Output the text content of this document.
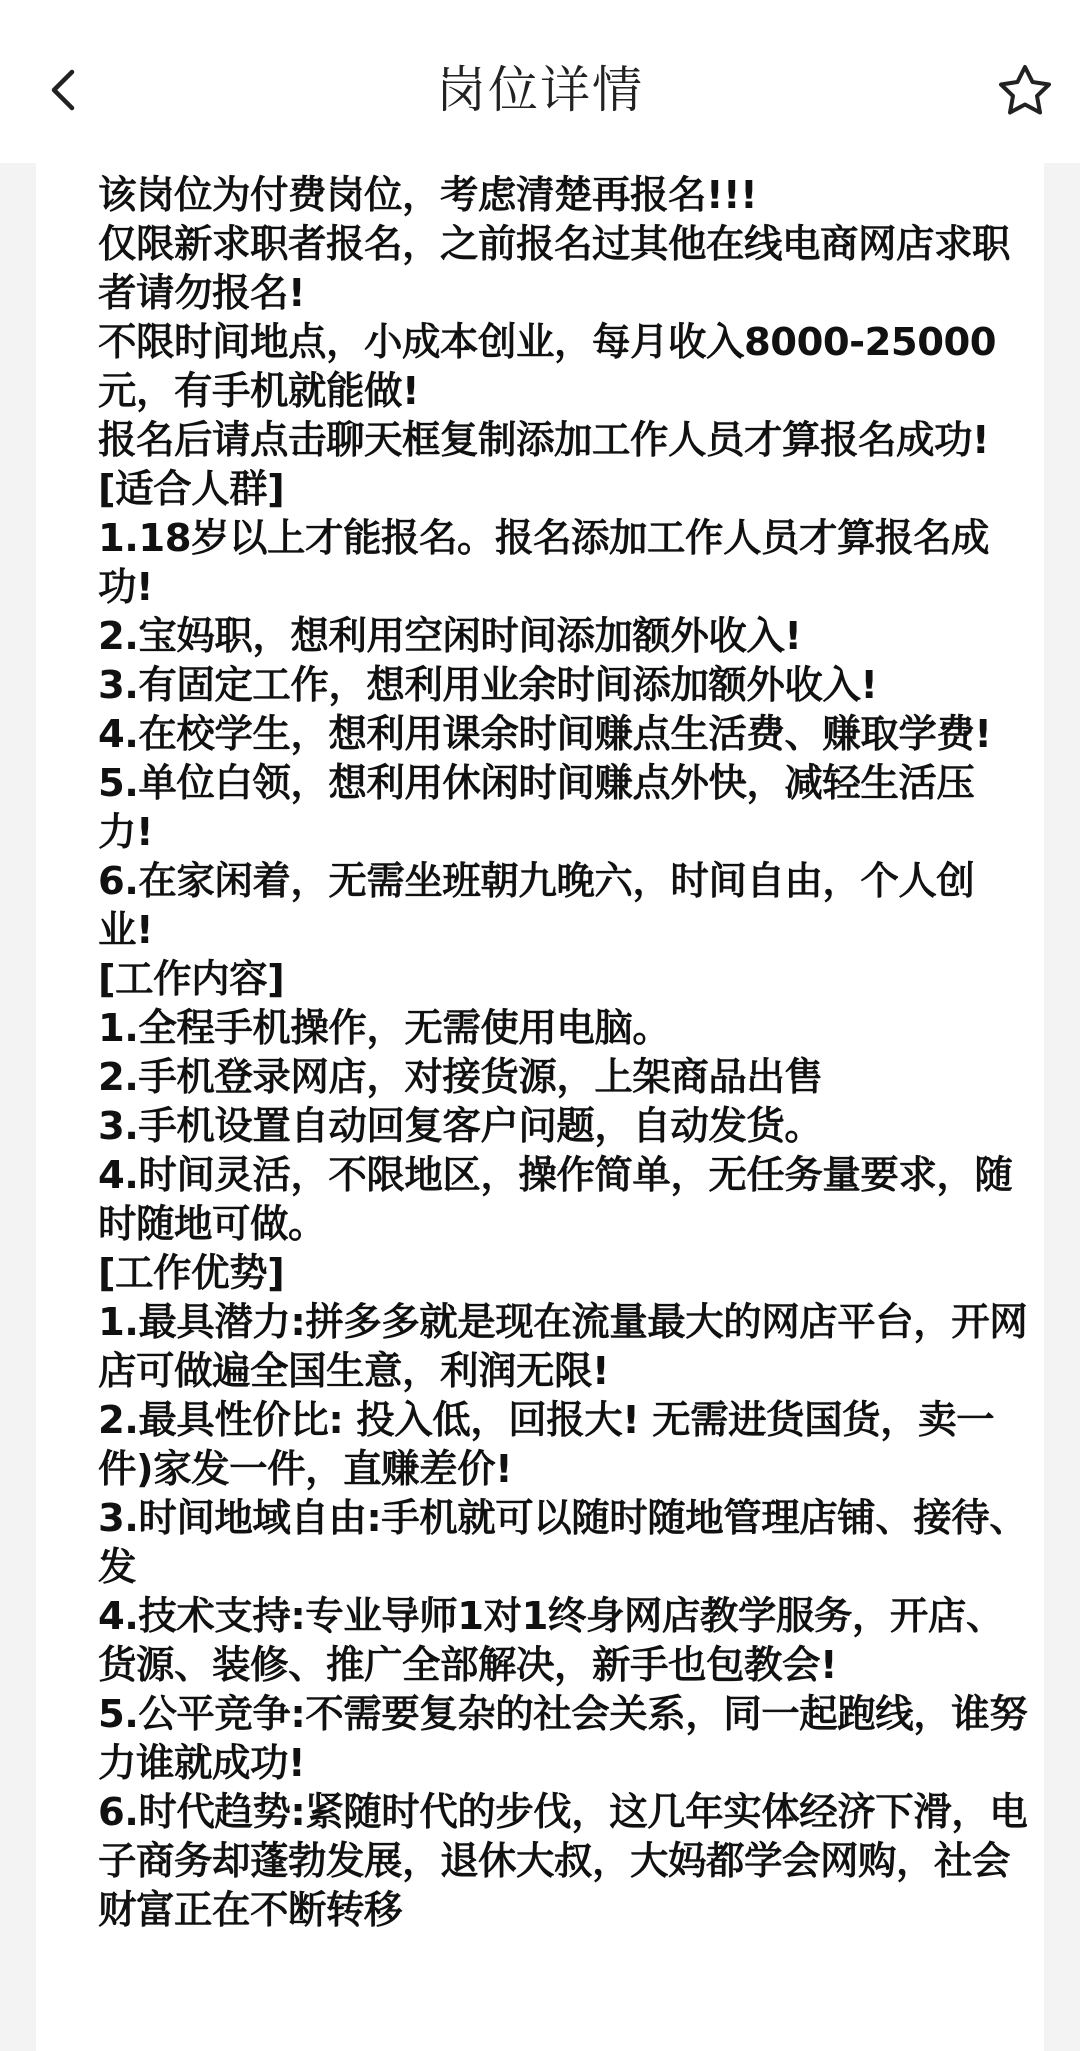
岗位详情

该岗位为付费岗位，考虑清楚再报名!!!
仅限新求职者报名，之前报名过其他在线电商网店求职者请勿报名!
不限时间地点，小成本创业，每月收入8000-25000元，有手机就能做!
报名后请点击聊天框复制添加工作人员才算报名成功!
[适合人群]
1.18岁以上才能报名。报名添加工作人员才算报名成功!
2.宝妈职，想利用空闲时间添加额外收入!
3.有固定工作，想利用业余时间添加额外收入!
4.在校学生，想利用课余时间赚点生活费、赚取学费!
5.单位白领，想利用休闲时间赚点外快，减轻生活压力!
6.在家闲着，无需坐班朝九晚六，时间自由，个人创业!
[工作内容]
1.全程手机操作，无需使用电脑。
2.手机登录网店，对接货源，上架商品出售
3.手机设置自动回复客户问题，自动发货。
4.时间灵活，不限地区，操作简单，无任务量要求，随时随地可做。
[工作优势]
1.最具潜力:拼多多就是现在流量最大的网店平台，开网店可做遍全国生意，利润无限!
2.最具性价比: 投入低，回报大! 无需进货国货，卖一件)家发一件，直赚差价!
3.时间地域自由:手机就可以随时随地管理店铺、接待、发
4.技术支持:专业导师1对1终身网店教学服务，开店、货源、装修、推广全部解决，新手也包教会!
5.公平竞争:不需要复杂的社会关系，同一起跑线，谁努力谁就成功!
6.时代趋势:紧随时代的步伐，这几年实体经济下滑，电子商务却蓬勃发展，退休大叔，大妈都学会网购，社会财富正在不断转移
